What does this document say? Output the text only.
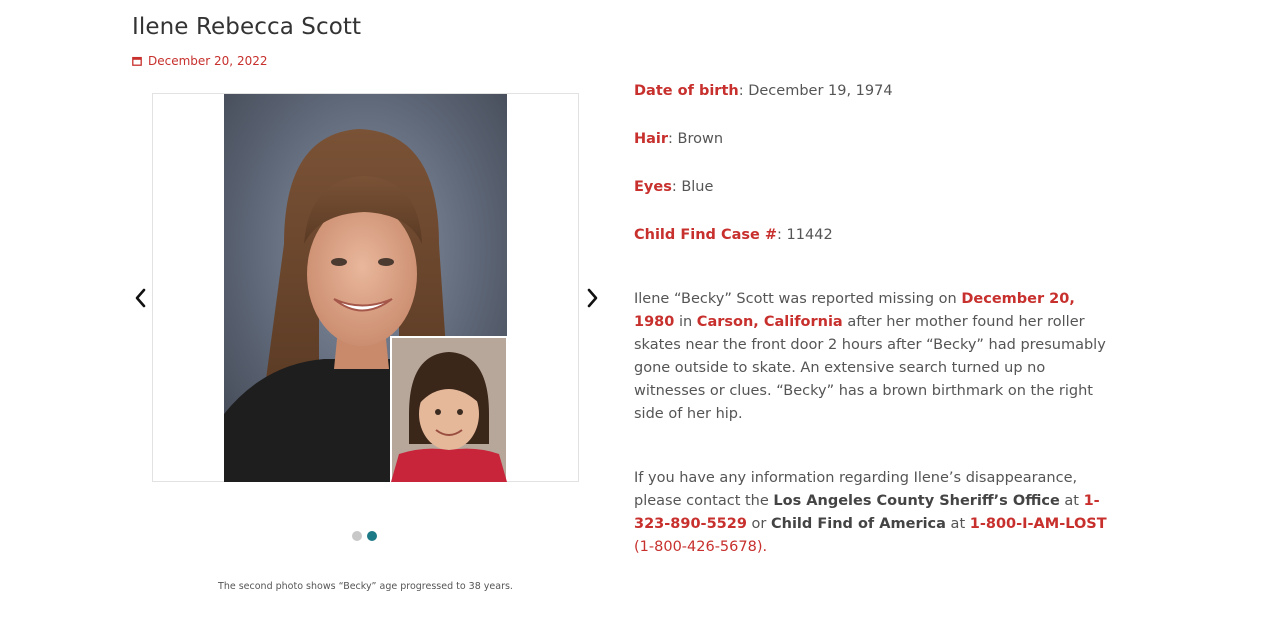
Ilene Rebecca Scott
December 20, 2022
The second photo shows “Becky” age progressed to 38 years.
Date of birth: December 19, 1974
Hair: Brown
Eyes: Blue
Child Find Case #: 11442

Ilene “Becky” Scott was reported missing on December 20, 1980 in Carson, California after her mother found her roller skates near the front door 2 hours after “Becky” had presumably gone outside to skate. An extensive search turned up no witnesses or clues. “Becky” has a brown birthmark on the right side of her hip.

If you have any information regarding Ilene’s disappearance, please contact the Los Angeles County Sheriff’s Office at 1-323-890-5529 or Child Find of America at 1-800-I-AM-LOST (1-800-426-5678).
